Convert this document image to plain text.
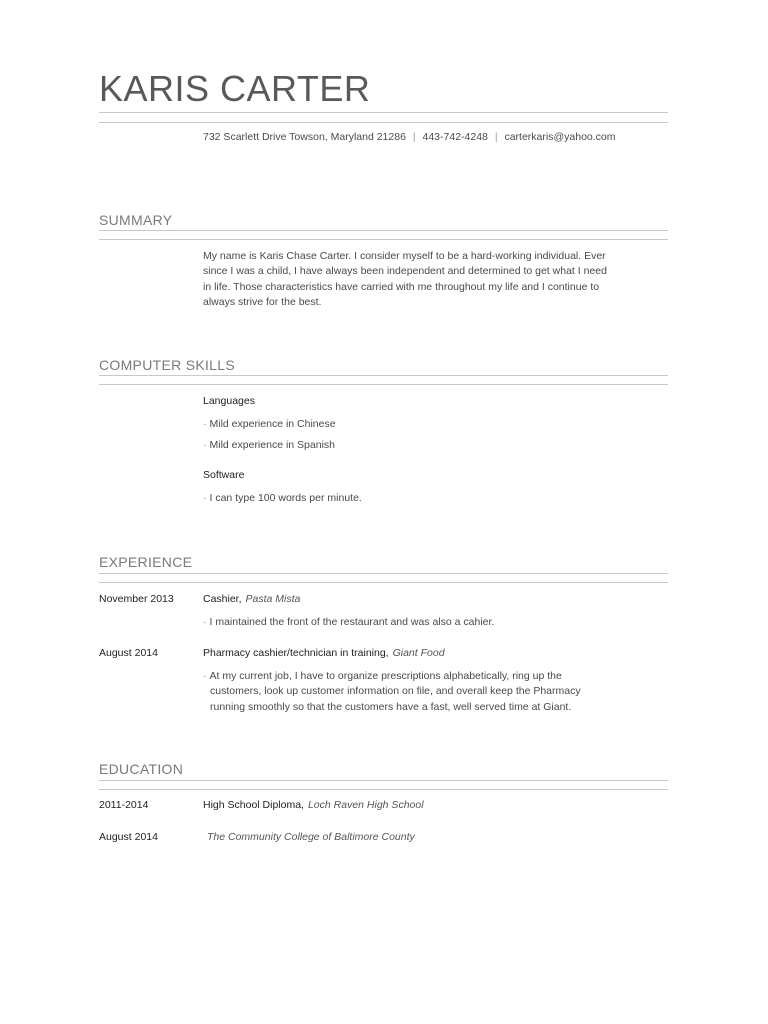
KARIS CARTER
732 Scarlett Drive Towson, Maryland 21286 | 443-742-4248 | carterkaris@yahoo.com
SUMMARY

My name is Karis Chase Carter. I consider myself to be a hard-working individual. Ever
since I was a child, I have always been independent and determined to get what I need
in life. Those characteristics have carried with me throughout my life and I continue to
always strive for the best.

COMPUTER SKILLS

Languages

· Mild experience in Chinese

· Mild experience in Spanish

Software

· I can type 100 words per minute.

EXPERIENCE

November 2013	Cashier, Pasta Mista

· I maintained the front of the restaurant and was also a cahier.

August 2014	Pharmacy cashier/technician in training, Giant Food

· At my current job, I have to organize prescriptions alphabetically, ring up the
customers, look up customer information on file, and overall keep the Pharmacy
running smoothly so that the customers have a fast, well served time at Giant.

EDUCATION

2011-2014	High School Diploma, Loch Raven High School

August 2014	The Community College of Baltimore County
